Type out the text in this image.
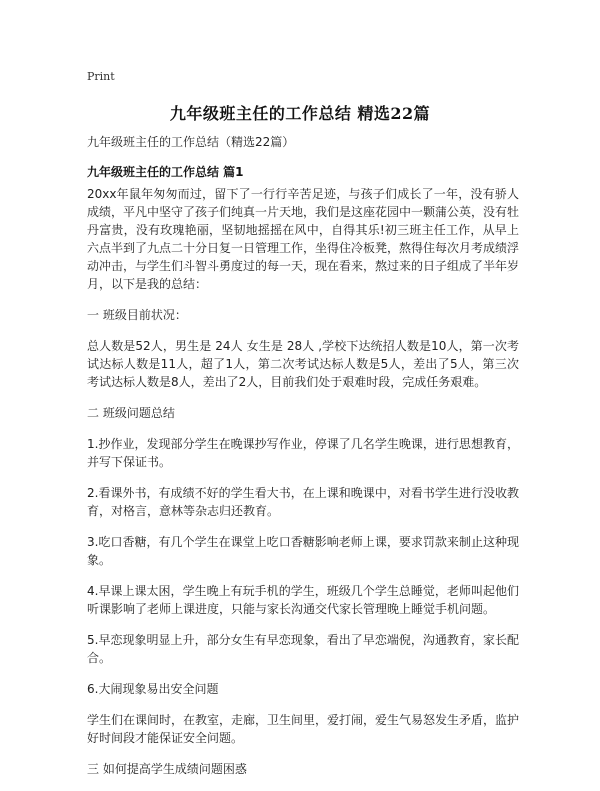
Print
九年级班主任的工作总结 精选22篇
九年级班主任的工作总结（精选22篇）
九年级班主任的工作总结 篇1

20xx年鼠年匆匆而过，留下了一行行辛苦足迹，与孩子们成长了一年，没有骄人成绩，平凡中坚守了孩子们纯真一片天地，我们是这座花园中一颗蒲公英，没有牡丹富贵，没有玫瑰艳丽，坚韧地摇摇在风中，自得其乐!初三班主任工作，从早上六点半到了九点二十分日复一日管理工作，坐得住冷板凳，熬得住每次月考成绩浮动冲击，与学生们斗智斗勇度过的每一天，现在看来，熬过来的日子组成了半年岁月，以下是我的总结：

一 班级目前状况：

总人数是52人，男生是 24人 女生是 28人 ,学校下达统招人数是10人，第一次考试达标人数是11人，超了1人，第二次考试达标人数是5人，差出了5人，第三次考试达标人数是8人，差出了2人，目前我们处于艰难时段，完成任务艰难。

二 班级问题总结

1.抄作业，发现部分学生在晚课抄写作业，停课了几名学生晚课，进行思想教育，并写下保证书。

2.看课外书，有成绩不好的学生看大书，在上课和晚课中，对看书学生进行没收教育，对格言，意林等杂志归还教育。

3.吃口香糖，有几个学生在课堂上吃口香糖影响老师上课，要求罚款来制止这种现象。

4.早课上课太困，学生晚上有玩手机的学生，班级几个学生总睡觉，老师叫起他们听课影响了老师上课进度，只能与家长沟通交代家长管理晚上睡觉手机问题。

5.早恋现象明显上升，部分女生有早恋现象，看出了早恋端倪，沟通教育，家长配合。

6.大闹现象易出安全问题

学生们在课间时，在教室，走廊，卫生间里，爱打闹，爱生气易怒发生矛盾，监护好时间段才能保证安全问题。

三 如何提高学生成绩问题困惑
